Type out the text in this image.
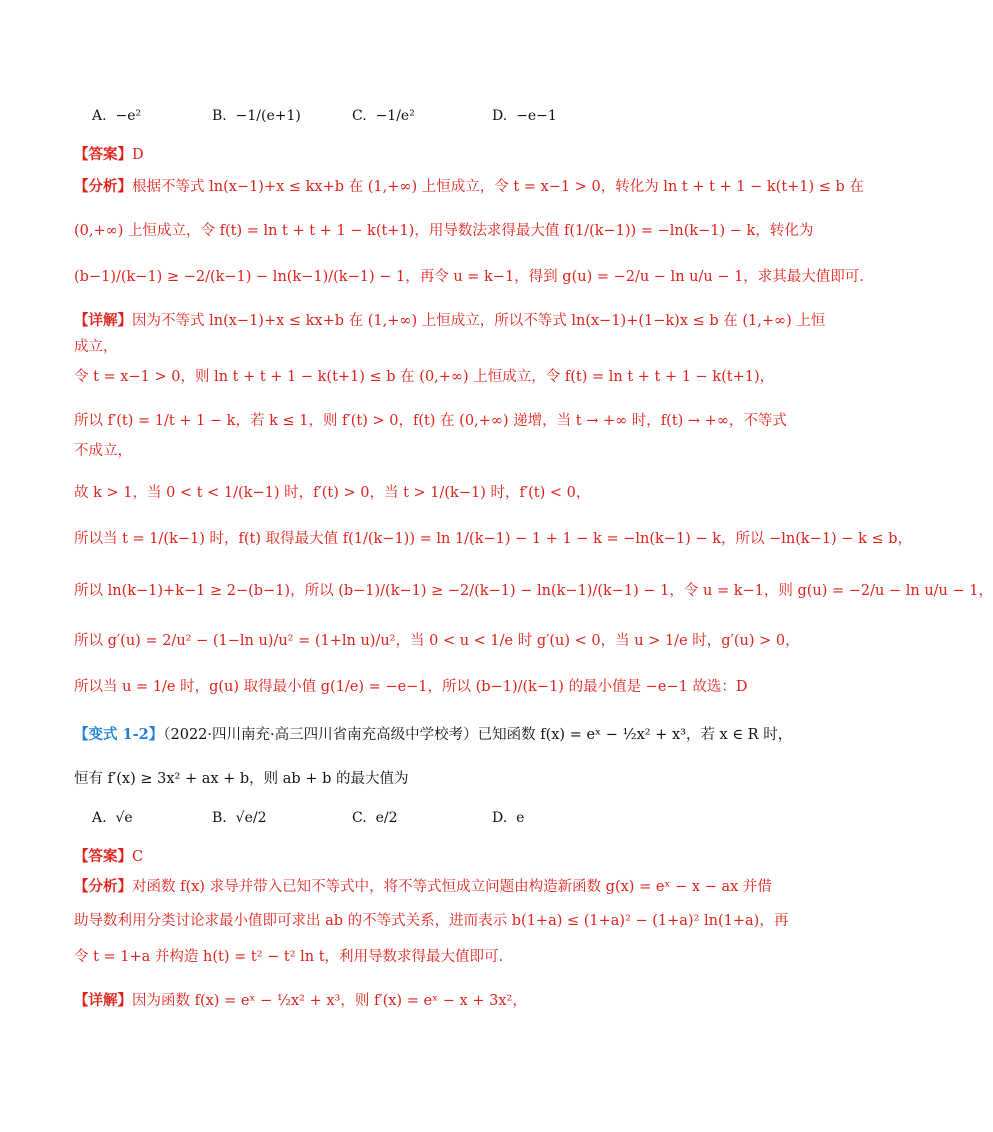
A. −e²	B. −1/(e+1)	C. −1/e²	D. −e−1
【答案】D
【分析】根据不等式 ln(x−1)+x ≤ kx+b 在 (1,+∞) 上恒成立，令 t = x−1 > 0，转化为 ln t + t + 1 − k(t+1) ≤ b 在
(0,+∞) 上恒成立，令 f(t) = ln t + t + 1 − k(t+1)，用导数法求得最大值 f(1/(k−1)) = −ln(k−1) − k，转化为
(b−1)/(k−1) ≥ −2/(k−1) − ln(k−1)/(k−1) − 1，再令 u = k−1，得到 g(u) = −2/u − ln u/u − 1，求其最大值即可.
【详解】因为不等式 ln(x−1)+x ≤ kx+b 在 (1,+∞) 上恒成立，所以不等式 ln(x−1)+(1−k)x ≤ b 在 (1,+∞) 上恒
成立，
令 t = x−1 > 0，则 ln t + t + 1 − k(t+1) ≤ b 在 (0,+∞) 上恒成立，令 f(t) = ln t + t + 1 − k(t+1)，
所以 f′(t) = 1/t + 1 − k，若 k ≤ 1，则 f′(t) > 0，f(t) 在 (0,+∞) 递增，当 t → +∞ 时，f(t) → +∞，不等式
不成立，
故 k > 1，当 0 < t < 1/(k−1) 时，f′(t) > 0，当 t > 1/(k−1) 时，f′(t) < 0，
所以当 t = 1/(k−1) 时，f(t) 取得最大值 f(1/(k−1)) = ln 1/(k−1) − 1 + 1 − k = −ln(k−1) − k，所以 −ln(k−1) − k ≤ b，
所以 ln(k−1)+k−1 ≥ 2−(b−1)，所以 (b−1)/(k−1) ≥ −2/(k−1) − ln(k−1)/(k−1) − 1，令 u = k−1，则 g(u) = −2/u − ln u/u − 1，
所以 g′(u) = 2/u² − (1−ln u)/u² = (1+ln u)/u²，当 0 < u < 1/e 时 g′(u) < 0，当 u > 1/e 时，g′(u) > 0，
所以当 u = 1/e 时，g(u) 取得最小值 g(1/e) = −e−1，所以 (b−1)/(k−1) 的最小值是 −e−1 故选：D
【变式 1-2】（2022·四川南充·高三四川省南充高级中学校考）已知函数 f(x) = eˣ − ½x² + x³，若 x ∈ R 时，
恒有 f′(x) ≥ 3x² + ax + b，则 ab + b 的最大值为
A. √e	B. √e/2	C. e/2	D. e
【答案】C
【分析】对函数 f(x) 求导并带入已知不等式中，将不等式恒成立问题由构造新函数 g(x) = eˣ − x − ax 并借
助导数利用分类讨论求最小值即可求出 ab 的不等式关系，进而表示 b(1+a) ≤ (1+a)² − (1+a)² ln(1+a)，再
令 t = 1+a 并构造 h(t) = t² − t² ln t，利用导数求得最大值即可.
【详解】因为函数 f(x) = eˣ − ½x² + x³，则 f′(x) = eˣ − x + 3x²，
